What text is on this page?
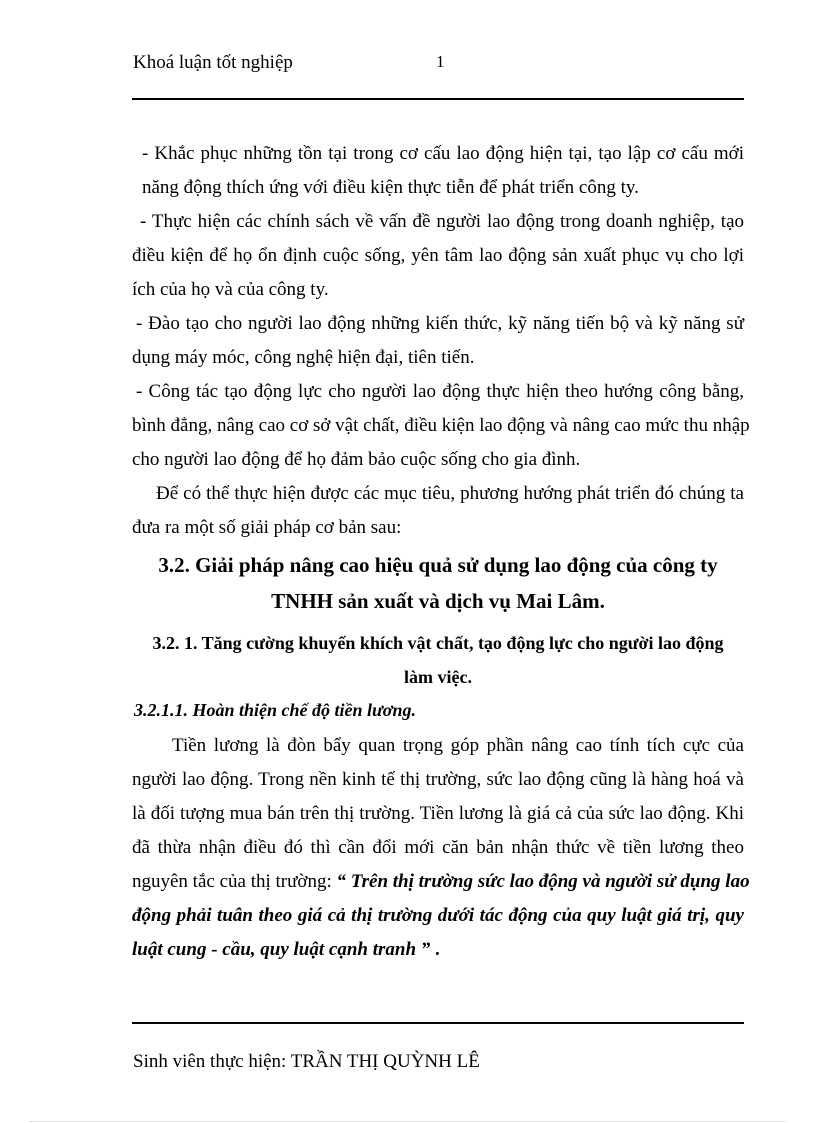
Khoá luận tốt nghiệp	1
- Khắc phục những tồn tại trong cơ cấu lao động hiện tại, tạo lập cơ cấu mới
năng động thích ứng với điều kiện thực tiễn để phát triển công ty.
- Thực hiện các chính sách về vấn đề người lao động trong doanh nghiệp, tạo
điều kiện để họ ổn định cuộc sống, yên tâm lao động sản xuất phục vụ cho lợi
ích của họ và của công ty.
- Đào tạo cho người lao động những kiến thức, kỹ năng tiến bộ và kỹ năng sử
dụng máy móc, công nghệ hiện đại, tiên tiến.
- Công tác tạo động lực cho người lao động thực hiện theo hướng công bằng,
bình đẳng, nâng cao cơ sở vật chất, điều kiện lao động và nâng cao mức thu nhập
cho người lao động để họ đảm bảo cuộc sống cho gia đình.
Để có thể thực hiện được các mục tiêu, phương hướng phát triển đó chúng ta
đưa ra một số giải pháp cơ bản sau:
3.2. Giải pháp nâng cao hiệu quả sử dụng lao động của công ty
TNHH sản xuất và dịch vụ Mai Lâm.
3.2. 1. Tăng cường khuyến khích vật chất, tạo động lực cho người lao động
làm việc.
3.2.1.1. Hoàn thiện chế độ tiền lương.
Tiền lương là đòn bẩy quan trọng góp phần nâng cao tính tích cực của
người lao động. Trong nền kinh tế thị trường, sức lao động cũng là hàng hoá và
là đối tượng mua bán trên thị trường. Tiền lương là giá cả của sức lao động. Khi
đã thừa nhận điều đó thì cần đổi mới căn bản nhận thức về tiền lương theo
nguyên tắc của thị trường: “ Trên thị trường sức lao động và người sử dụng lao
động phải tuân theo giá cả thị trường dưới tác động của quy luật giá trị, quy
luật cung - cầu, quy luật cạnh tranh ” .
Sinh viên thực hiện: TRẦN THỊ QUỲNH LÊ
